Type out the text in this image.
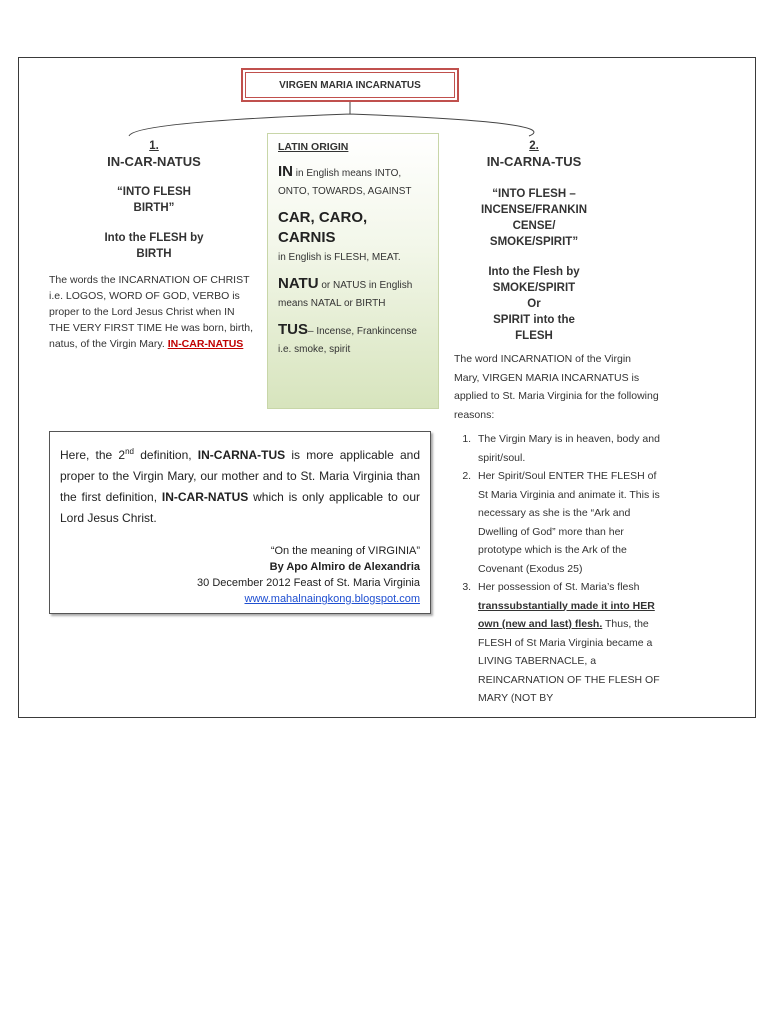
VIRGEN MARIA INCARNATUS
1.
IN-CAR-NATUS
“INTO FLESH
BIRTH”
Into the FLESH by
BIRTH
The words the INCARNATION OF CHRIST i.e. LOGOS, WORD OF GOD, VERBO is proper to the Lord Jesus Christ when IN THE VERY FIRST TIME He was born, birth, natus, of the Virgin Mary. IN-CAR-NATUS
LATIN ORIGIN
IN in English means INTO, ONTO, TOWARDS, AGAINST
CAR, CARO, CARNIS
in English is FLESH, MEAT.
NATU or NATUS in English means NATAL or BIRTH
TUS– Incense, Frankincense i.e. smoke, spirit
2.
IN-CARNA-TUS
“INTO FLESH –
INCENSE/FRANKIN
CENSE/
SMOKE/SPIRIT”
Into the Flesh by
SMOKE/SPIRIT
Or
SPIRIT into the
FLESH
The word INCARNATION of the Virgin Mary, VIRGEN MARIA INCARNATUS is applied to St. Maria Virginia for the following reasons:
1. The Virgin Mary is in heaven, body and spirit/soul.
2. Her Spirit/Soul ENTER THE FLESH of St Maria Virginia and animate it. This is necessary as she is the “Ark and Dwelling of God” more than her prototype which is the Ark of the Covenant (Exodus 25)
3. Her possession of St. Maria’s flesh transsubstantially made it into HER own (new and last) flesh. Thus, the FLESH of St Maria Virginia became a LIVING TABERNACLE, a REINCARNATION OF THE FLESH OF MARY (NOT BY
Here, the 2nd definition, IN-CARNA-TUS is more applicable and proper to the Virgin Mary, our mother and to St. Maria Virginia than the first definition, IN-CAR-NATUS which is only applicable to our Lord Jesus Christ.
“On the meaning of VIRGINIA”
By Apo Almiro de Alexandria
30 December 2012 Feast of St. Maria Virginia
www.mahalnaingkong.blogspot.com
